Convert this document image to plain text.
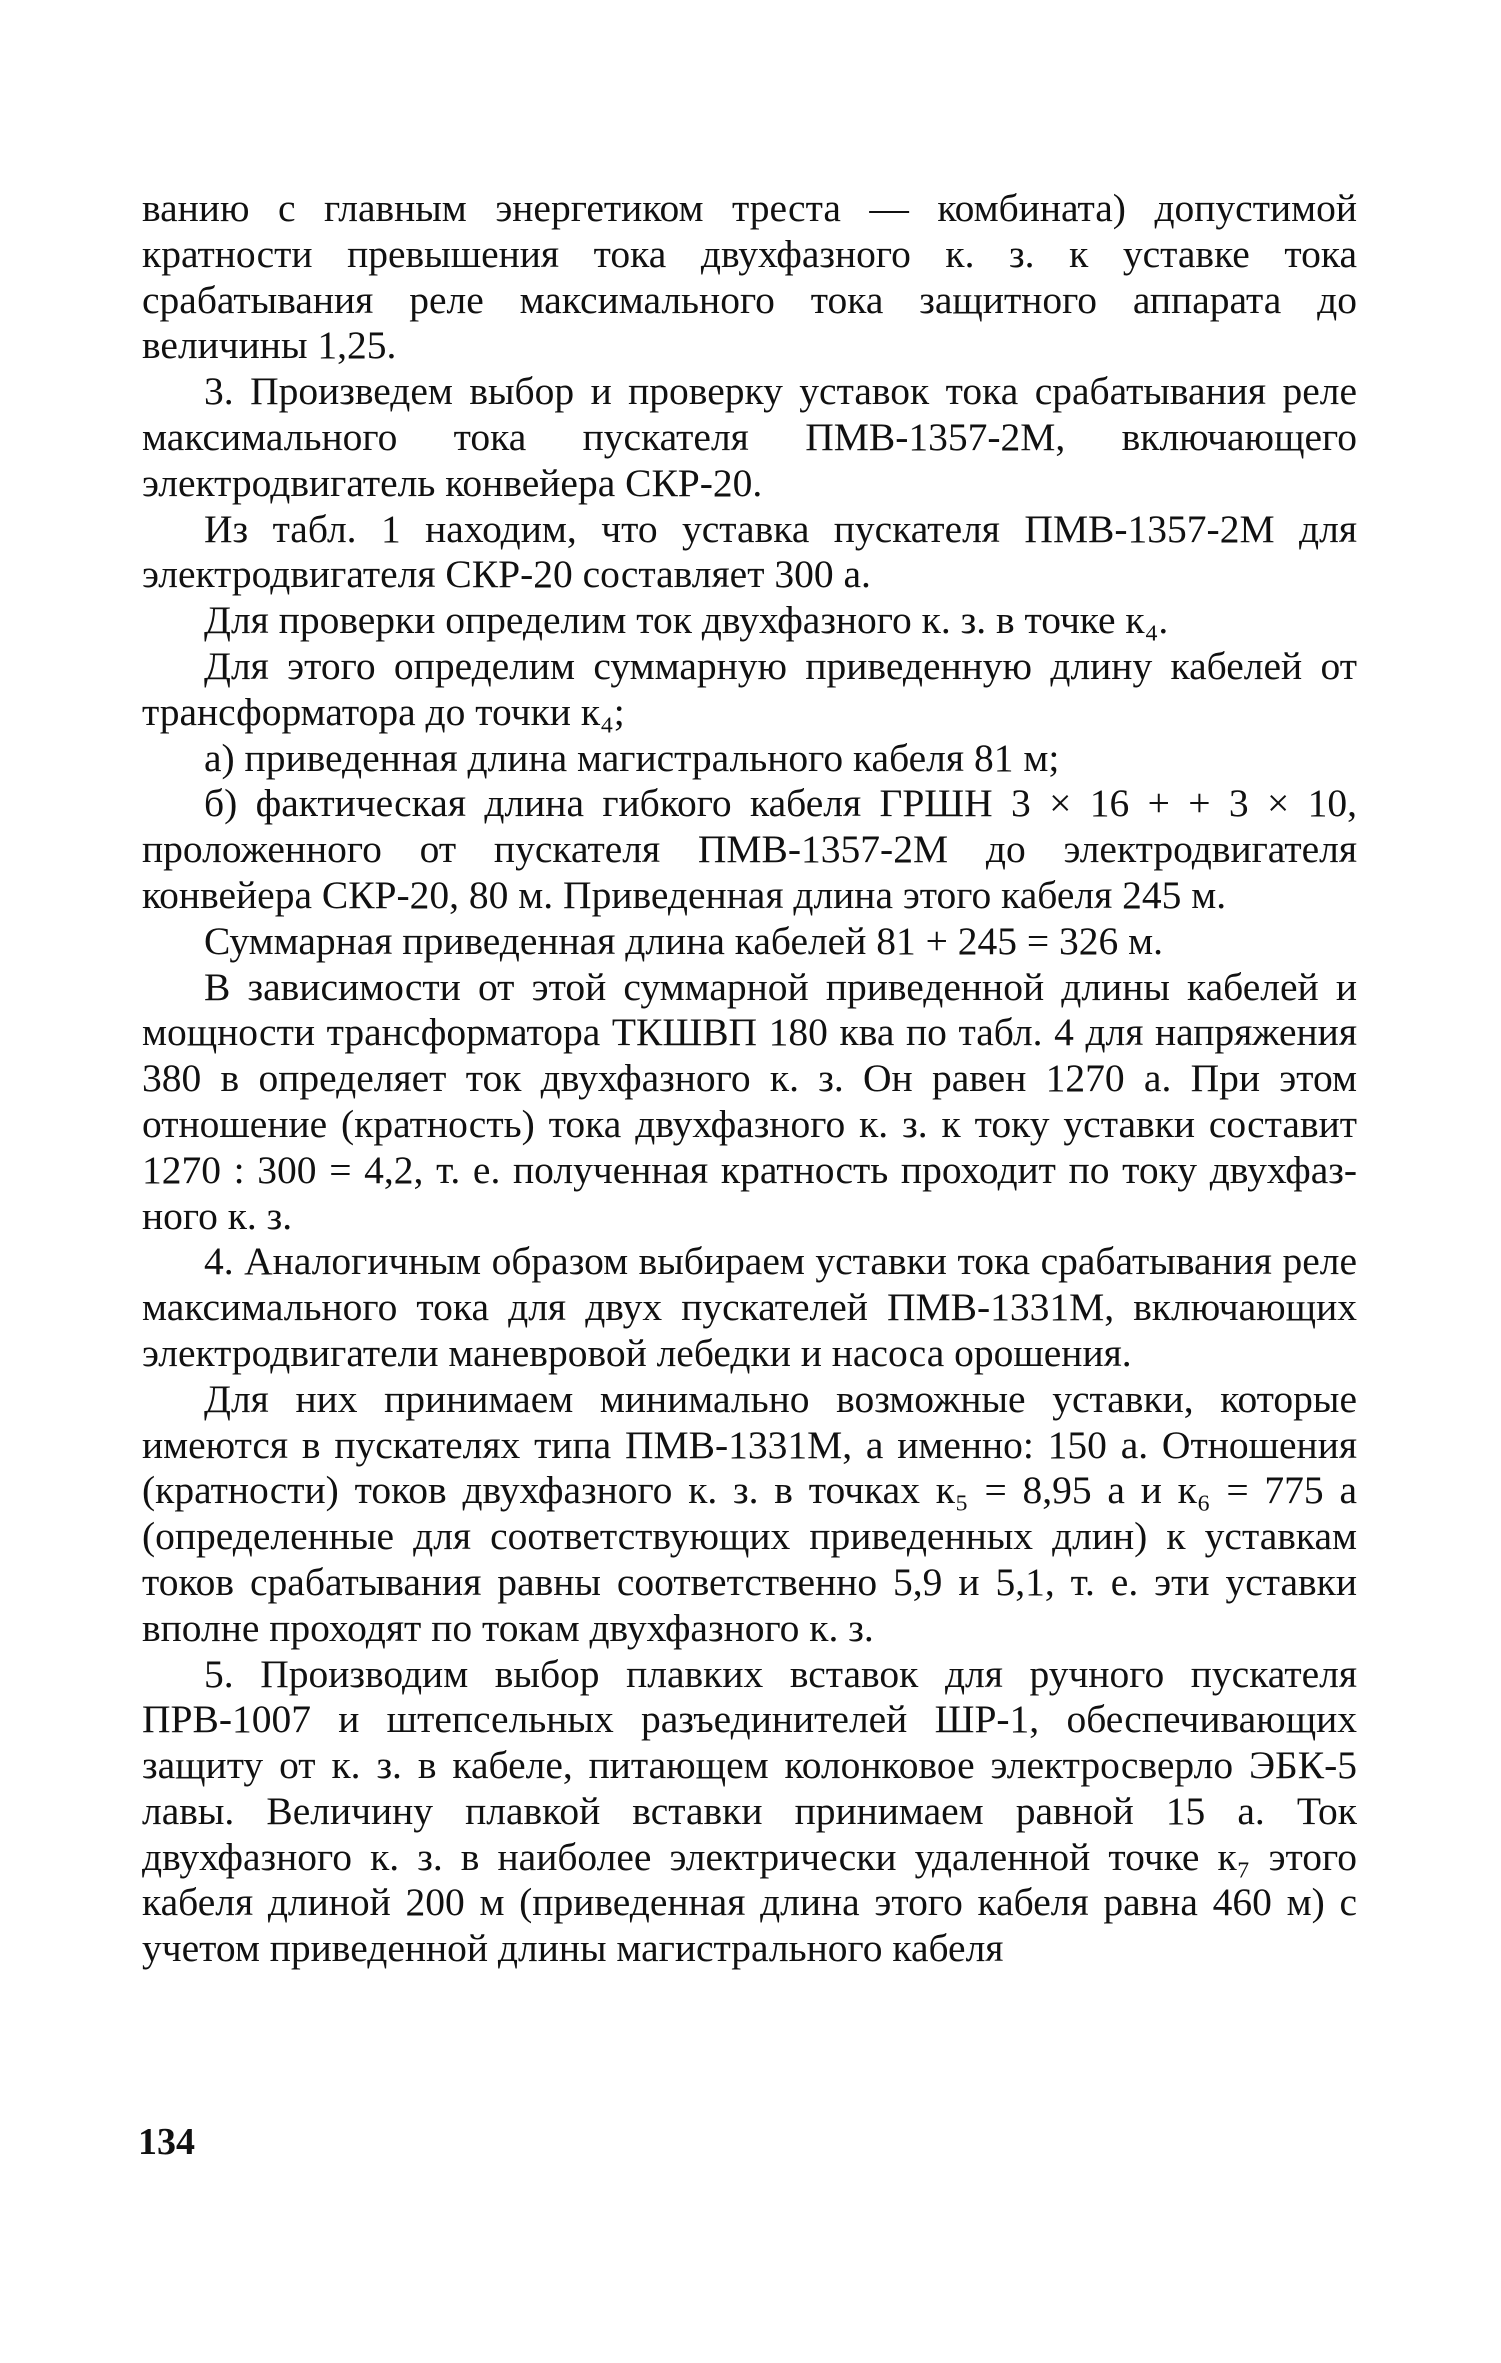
ванию с главным энергетиком треста — комбината) допустимой кратности превышения тока двухфазного к. з. к уставке тока срабатывания реле максимального тока защитного аппарата до величины 1,25.

3. Произведем выбор и проверку уставок тока срабатывания реле максимального тока пускателя ПМВ-1357-2М, включающего электродвигатель конвейера СКР-20.

Из табл. 1 находим, что уставка пускателя ПМВ-1357-2М для электродвигателя СКР-20 составляет 300 а.

Для проверки определим ток двухфазного к. з. в точке к₄.

Для этого определим суммарную приведенную длину кабелей от трансформатора до точки к₄;

а) приведенная длина магистрального кабеля 81 м;

б) фактическая длина гибкого кабеля ГРШН 3 × 16 + + 3 × 10, проложенного от пускателя ПМВ-1357-2М до электродвигателя конвейера СКР-20, 80 м. Приведенная длина этого кабеля 245 м.

Суммарная приведенная длина кабелей 81 + 245 = 326 м.

В зависимости от этой суммарной приведенной длины кабелей и мощности трансформатора ТКШВП 180 ква по табл. 4 для напряжения 380 в определяет ток двухфазного к. з. Он равен 1270 а. При этом отношение (кратность) тока двухфазного к. з. к току уставки составит 1270 : 300 = 4,2, т. е. полученная кратность проходит по току двухфазного к. з.

4. Аналогичным образом выбираем уставки тока срабатывания реле максимального тока для двух пускателей ПМВ-1331М, включающих электродвигатели маневровой лебедки и насоса орошения.

Для них принимаем минимально возможные уставки, которые имеются в пускателях типа ПМВ-1331М, а именно: 150 а. Отношения (кратности) токов двухфазного к. з. в точках к₅ = 8,95 а и к₆ = 775 а (определенные для соответствующих приведенных длин) к уставкам токов срабатывания равны соответственно 5,9 и 5,1, т. е. эти уставки вполне проходят по токам двухфазного к. з.

5. Производим выбор плавких вставок для ручного пускателя ПРВ-1007 и штепсельных разъединителей ШР-1, обеспечивающих защиту от к. з. в кабеле, питающем колонковое электросверло ЭБК-5 лавы. Величину плавкой вставки принимаем равной 15 а. Ток двухфазного к. з. в наиболее электрически удаленной точке к₇ этого кабеля длиной 200 м (приведенная длина этого кабеля равна 460 м) с учетом приведенной длины магистрального кабеля

134
